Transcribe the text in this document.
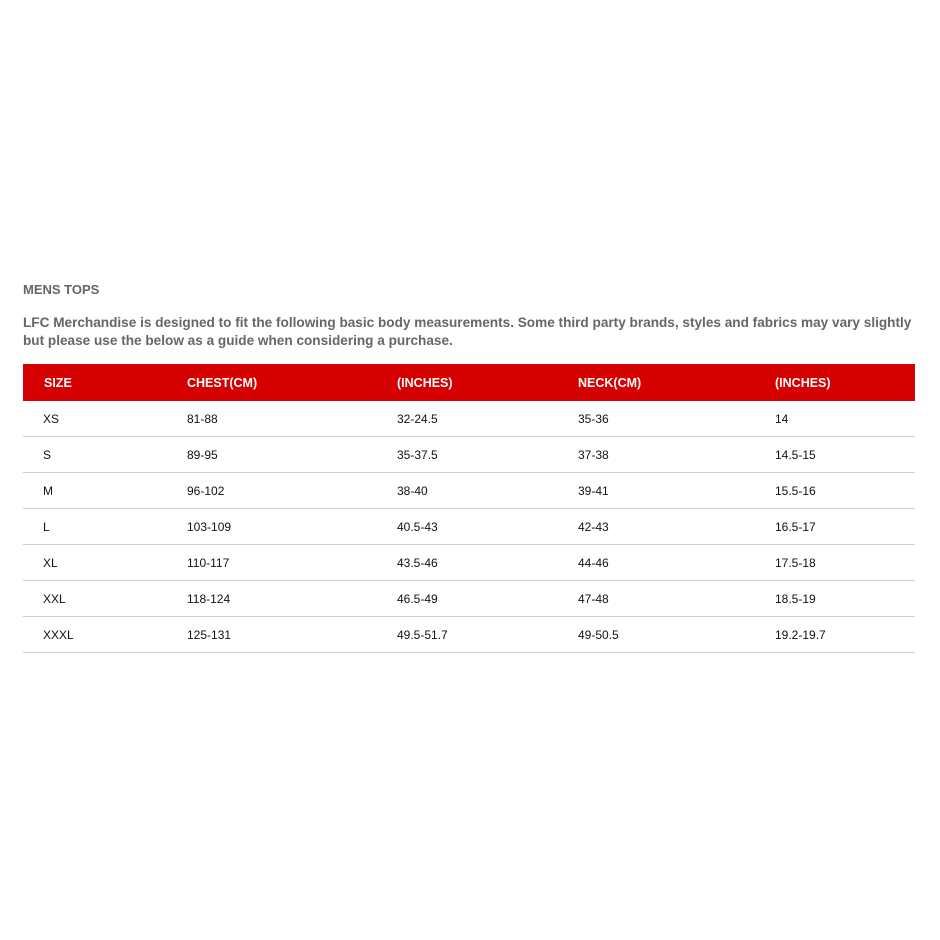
MENS TOPS

LFC Merchandise is designed to fit the following basic body measurements. Some third party brands, styles and fabrics may vary slightly but please use the below as a guide when considering a purchase.

SIZE	CHEST(CM)	(INCHES)	NECK(CM)	(INCHES)
XS	81-88	32-24.5	35-36	14
S	89-95	35-37.5	37-38	14.5-15
M	96-102	38-40	39-41	15.5-16
L	103-109	40.5-43	42-43	16.5-17
XL	110-117	43.5-46	44-46	17.5-18
XXL	118-124	46.5-49	47-48	18.5-19
XXXL	125-131	49.5-51.7	49-50.5	19.2-19.7
